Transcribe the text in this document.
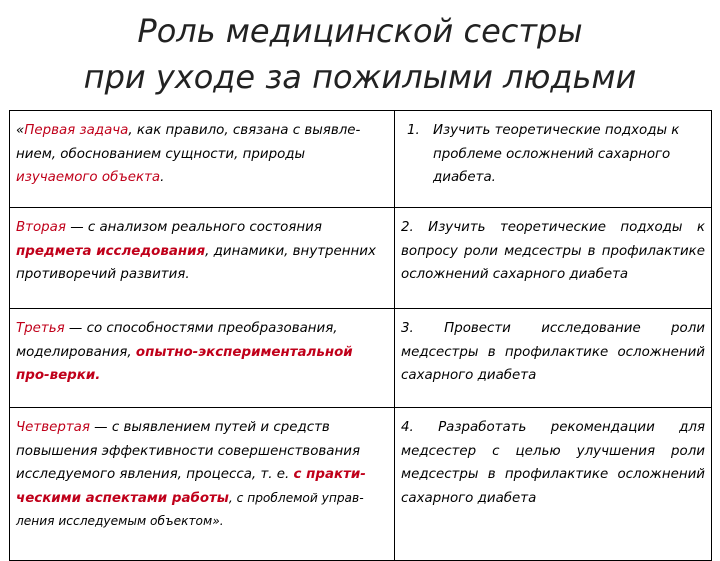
Роль медицинской сестры
при уходе за пожилыми людьми
«Первая задача, как правило, связана с выявле-нием, обоснованием сущности, природы изучаемого объекта.	1. Изучить теоретические подходы к проблеме осложнений сахарного диабета.

Вторая — с анализом реального состояния предмета исследования, динамики, внутренних противоречий развития.	2. Изучить теоретические подходы к вопросу роли медсестры в профилактике осложнений сахарного диабета
Третья — со способностями преобразования, моделирования, опытно-экспериментальной про-верки.	3. Провести исследование роли медсестры в профилактике осложнений сахарного диабета
Четвертая — с выявлением путей и средств повышения эффективности совершенствования исследуемого явления, процесса, т. е. с практи-ческими аспектами работы, с проблемой управ-ления исследуемым объектом».	4. Разработать рекомендации для медсестер с целью улучшения роли медсестры в профилактике осложнений сахарного диабета
